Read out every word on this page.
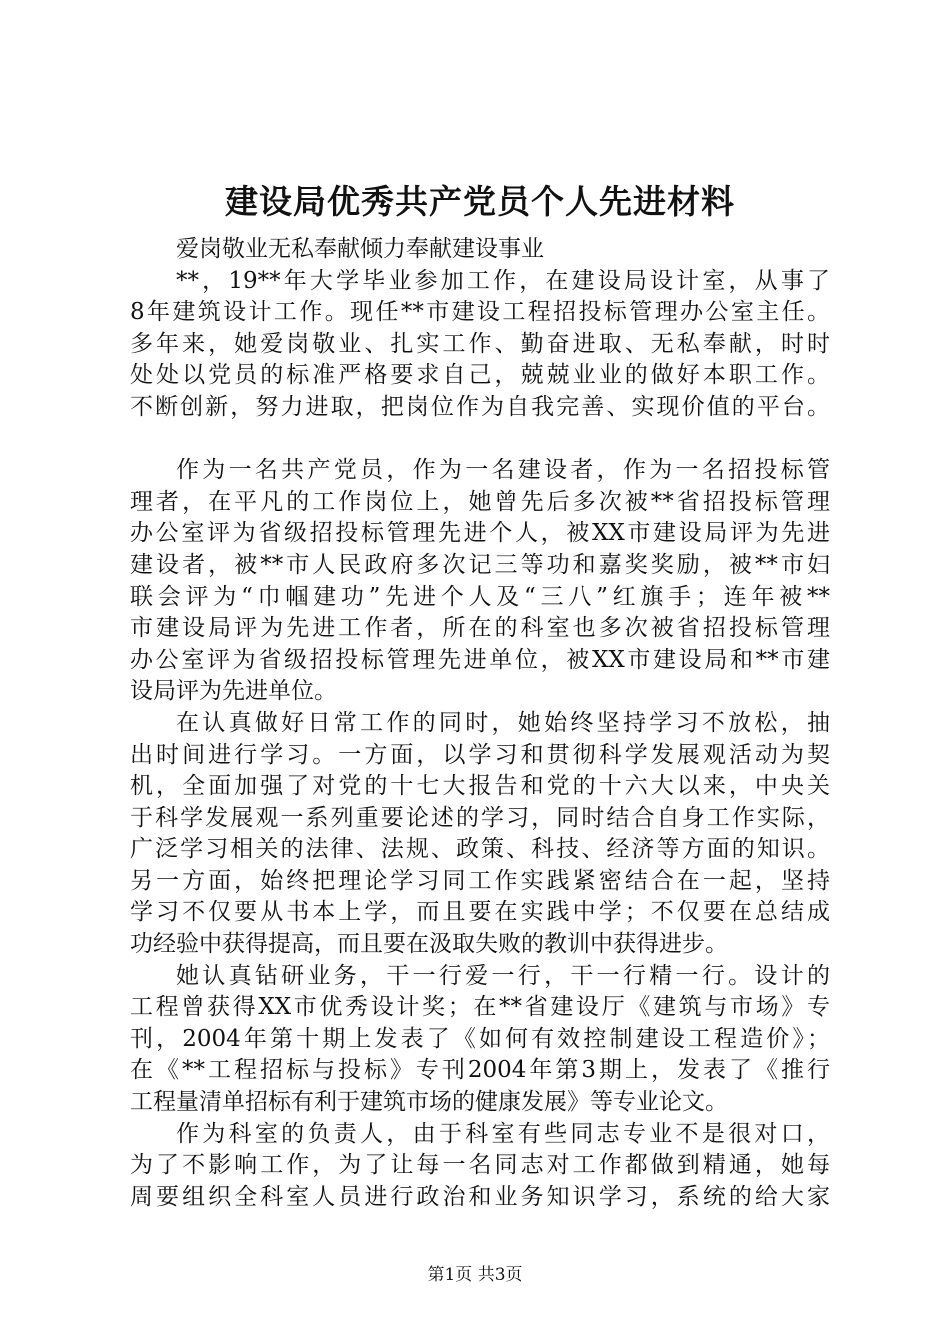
建设局优秀共产党员个人先进材料
爱岗敬业无私奉献倾力奉献建设事业
**，19**年大学毕业参加工作，在建设局设计室，从事了
8年建筑设计工作。现任**市建设工程招投标管理办公室主任。
多年来，她爱岗敬业、扎实工作、勤奋进取、无私奉献，时时
处处以党员的标准严格要求自己，兢兢业业的做好本职工作。
不断创新，努力进取，把岗位作为自我完善、实现价值的平台。
作为一名共产党员，作为一名建设者，作为一名招投标管
理者，在平凡的工作岗位上，她曾先后多次被**省招投标管理
办公室评为省级招投标管理先进个人，被XX市建设局评为先进
建设者，被**市人民政府多次记三等功和嘉奖奖励，被**市妇
联会评为“巾帼建功”先进个人及“三八”红旗手；连年被**
市建设局评为先进工作者，所在的科室也多次被省招投标管理
办公室评为省级招投标管理先进单位，被XX市建设局和**市建
设局评为先进单位。
在认真做好日常工作的同时，她始终坚持学习不放松，抽
出时间进行学习。一方面，以学习和贯彻科学发展观活动为契
机，全面加强了对党的十七大报告和党的十六大以来，中央关
于科学发展观一系列重要论述的学习，同时结合自身工作实际，
广泛学习相关的法律、法规、政策、科技、经济等方面的知识。
另一方面，始终把理论学习同工作实践紧密结合在一起，坚持
学习不仅要从书本上学，而且要在实践中学；不仅要在总结成
功经验中获得提高，而且要在汲取失败的教训中获得进步。
她认真钻研业务，干一行爱一行，干一行精一行。设计的
工程曾获得XX市优秀设计奖；在**省建设厅《建筑与市场》专
刊，2004年第十期上发表了《如何有效控制建设工程造价》；
在《**工程招标与投标》专刊2004年第3期上，发表了《推行
工程量清单招标有利于建筑市场的健康发展》等专业论文。
作为科室的负责人，由于科室有些同志专业不是很对口，
为了不影响工作，为了让每一名同志对工作都做到精通，她每
周要组织全科室人员进行政治和业务知识学习，系统的给大家
第1页 共3页
